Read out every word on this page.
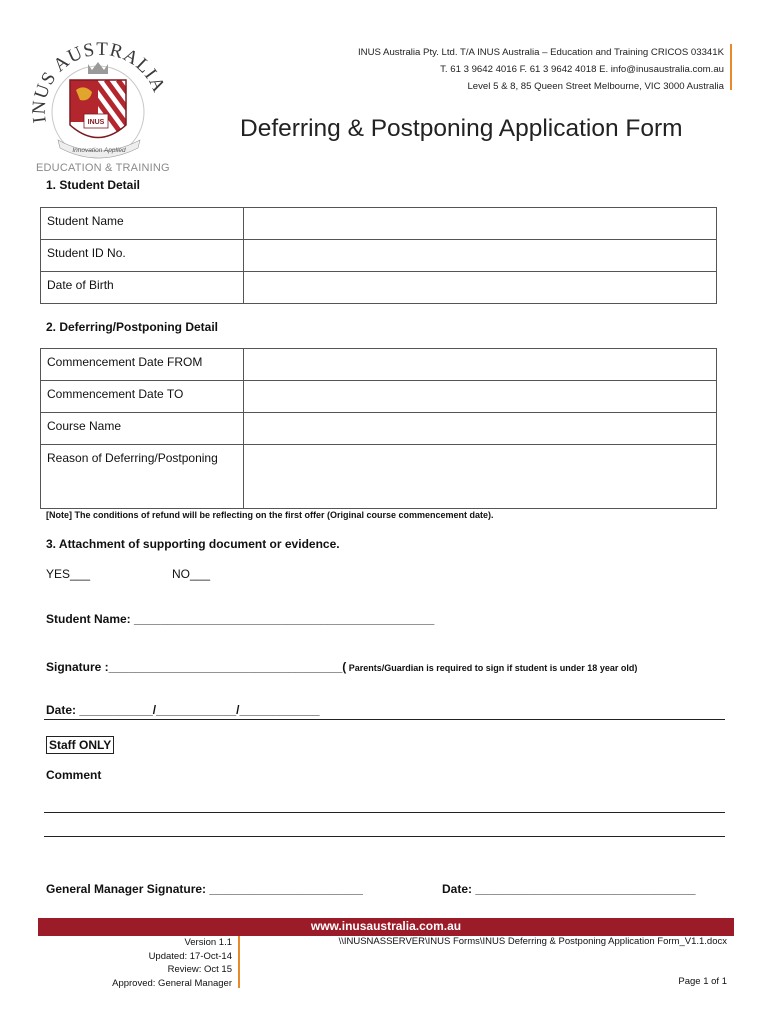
INUS AUSTRALIA
INUS
Innovation Applied
EDUCATION & TRAINING
INUS Australia Pty. Ltd. T/A INUS Australia – Education and Training CRICOS 03341K
T. 61 3 9642 4016 F. 61 3 9642 4018 E. info@inusaustralia.com.au
Level 5 & 8, 85 Queen Street Melbourne, VIC 3000 Australia
Deferring & Postponing Application Form
1. Student Detail
Student Name	
Student ID No.	
Date of Birth	
2. Deferring/Postponing Detail
Commencement Date FROM	
Commencement Date TO	
Course Name	
Reason of Deferring/Postponing	
[Note] The conditions of refund will be reflecting on the first offer (Original course commencement date).
3. Attachment of supporting document or evidence.
YES___	NO___
Student Name: _____________________________________________
Signature :___________________________________( Parents/Guardian is required to sign if student is under 18 year old)
Date: ___________/____________/____________
Staff ONLY
Comment
General Manager Signature: _______________________	Date: _________________________________
www.inusaustralia.com.au
Version 1.1
Updated: 17-Oct-14
Review: Oct 15
Approved: General Manager
\\INUSNASSERVER\INUS Forms\INUS Deferring & Postponing Application Form_V1.1.docx
Page 1 of 1
